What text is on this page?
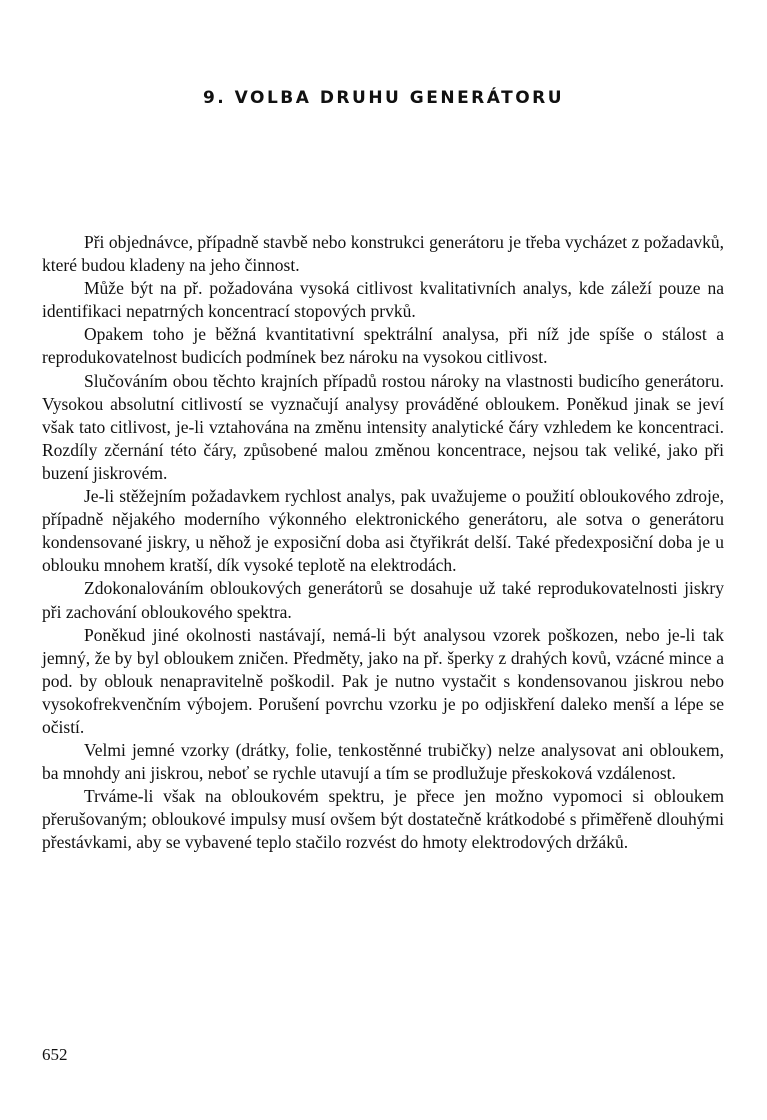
9. VOLBA DRUHU GENERÁTORU

Při objednávce, případně stavbě nebo konstrukci generátoru je třeba vycházet z požadavků, které budou kladeny na jeho činnost.

Může být na př. požadována vysoká citlivost kvalitativních analys, kde záleží pouze na identifikaci nepatrných koncentrací stopových prvků.

Opakem toho je běžná kvantitativní spektrální analysa, při níž jde spíše o stálost a reprodukovatelnost budicích podmínek bez nároku na vysokou citlivost.

Slučováním obou těchto krajních případů rostou nároky na vlastnosti budicího generátoru. Vysokou absolutní citlivostí se vyznačují analysy prováděné obloukem. Poněkud jinak se jeví však tato citlivost, je-li vztahována na změnu intensity analytické čáry vzhledem ke koncentraci. Rozdíly zčernání této čáry, způsobené malou změnou koncentrace, nejsou tak veliké, jako při buzení jiskrovém.

Je-li stěžejním požadavkem rychlost analys, pak uvažujeme o použití obloukového zdroje, případně nějakého moderního výkonného elektronického generátoru, ale sotva o generátoru kondensované jiskry, u něhož je exposiční doba asi čtyřikrát delší. Také předexposiční doba je u oblouku mnohem kratší, dík vysoké teplotě na elektrodách.

Zdokonalováním obloukových generátorů se dosahuje už také reprodukovatelnosti jiskry při zachování obloukového spektra.

Poněkud jiné okolnosti nastávají, nemá-li být analysou vzorek poškozen, nebo je-li tak jemný, že by byl obloukem zničen. Předměty, jako na př. šperky z drahých kovů, vzácné mince a pod. by oblouk nenapravitelně poškodil. Pak je nutno vystačit s kondensovanou jiskrou nebo vysokofrekvenčním výbojem. Porušení povrchu vzorku je po odjiskření daleko menší a lépe se očistí.

Velmi jemné vzorky (drátky, folie, tenkostěnné trubičky) nelze analysovat ani obloukem, ba mnohdy ani jiskrou, neboť se rychle utavují a tím se prodlužuje přeskoková vzdálenost.

Trváme-li však na obloukovém spektru, je přece jen možno vypomoci si obloukem přerušovaným; obloukové impulsy musí ovšem být dostatečně krátkodobé s přiměřeně dlouhými přestávkami, aby se vybavené teplo stačilo rozvést do hmoty elektrodových držáků.

652
